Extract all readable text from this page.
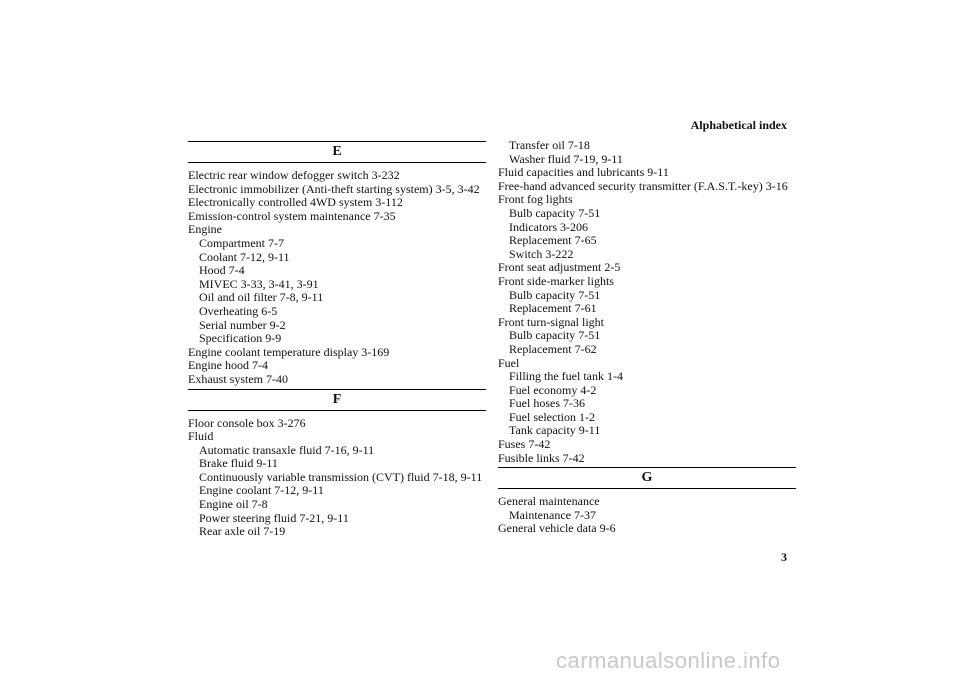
Alphabetical index
E
Electric rear window defogger switch 3-232
Electronic immobilizer (Anti-theft starting system) 3-5, 3-42
Electronically controlled 4WD system 3-112
Emission-control system maintenance 7-35
Engine
Compartment 7-7
Coolant 7-12, 9-11
Hood 7-4
MIVEC 3-33, 3-41, 3-91
Oil and oil filter 7-8, 9-11
Overheating 6-5
Serial number 9-2
Specification 9-9
Engine coolant temperature display 3-169
Engine hood 7-4
Exhaust system 7-40
F
Floor console box 3-276
Fluid
Automatic transaxle fluid 7-16, 9-11
Brake fluid 9-11
Continuously variable transmission (CVT) fluid 7-18, 9-11
Engine coolant 7-12, 9-11
Engine oil 7-8
Power steering fluid 7-21, 9-11
Rear axle oil 7-19
Transfer oil 7-18
Washer fluid 7-19, 9-11
Fluid capacities and lubricants 9-11
Free-hand advanced security transmitter (F.A.S.T.-key) 3-16
Front fog lights
Bulb capacity 7-51
Indicators 3-206
Replacement 7-65
Switch 3-222
Front seat adjustment 2-5
Front side-marker lights
Bulb capacity 7-51
Replacement 7-61
Front turn-signal light
Bulb capacity 7-51
Replacement 7-62
Fuel
Filling the fuel tank 1-4
Fuel economy 4-2
Fuel hoses 7-36
Fuel selection 1-2
Tank capacity 9-11
Fuses 7-42
Fusible links 7-42
G
General maintenance
Maintenance 7-37
General vehicle data 9-6
3
carmanualsonline.info
